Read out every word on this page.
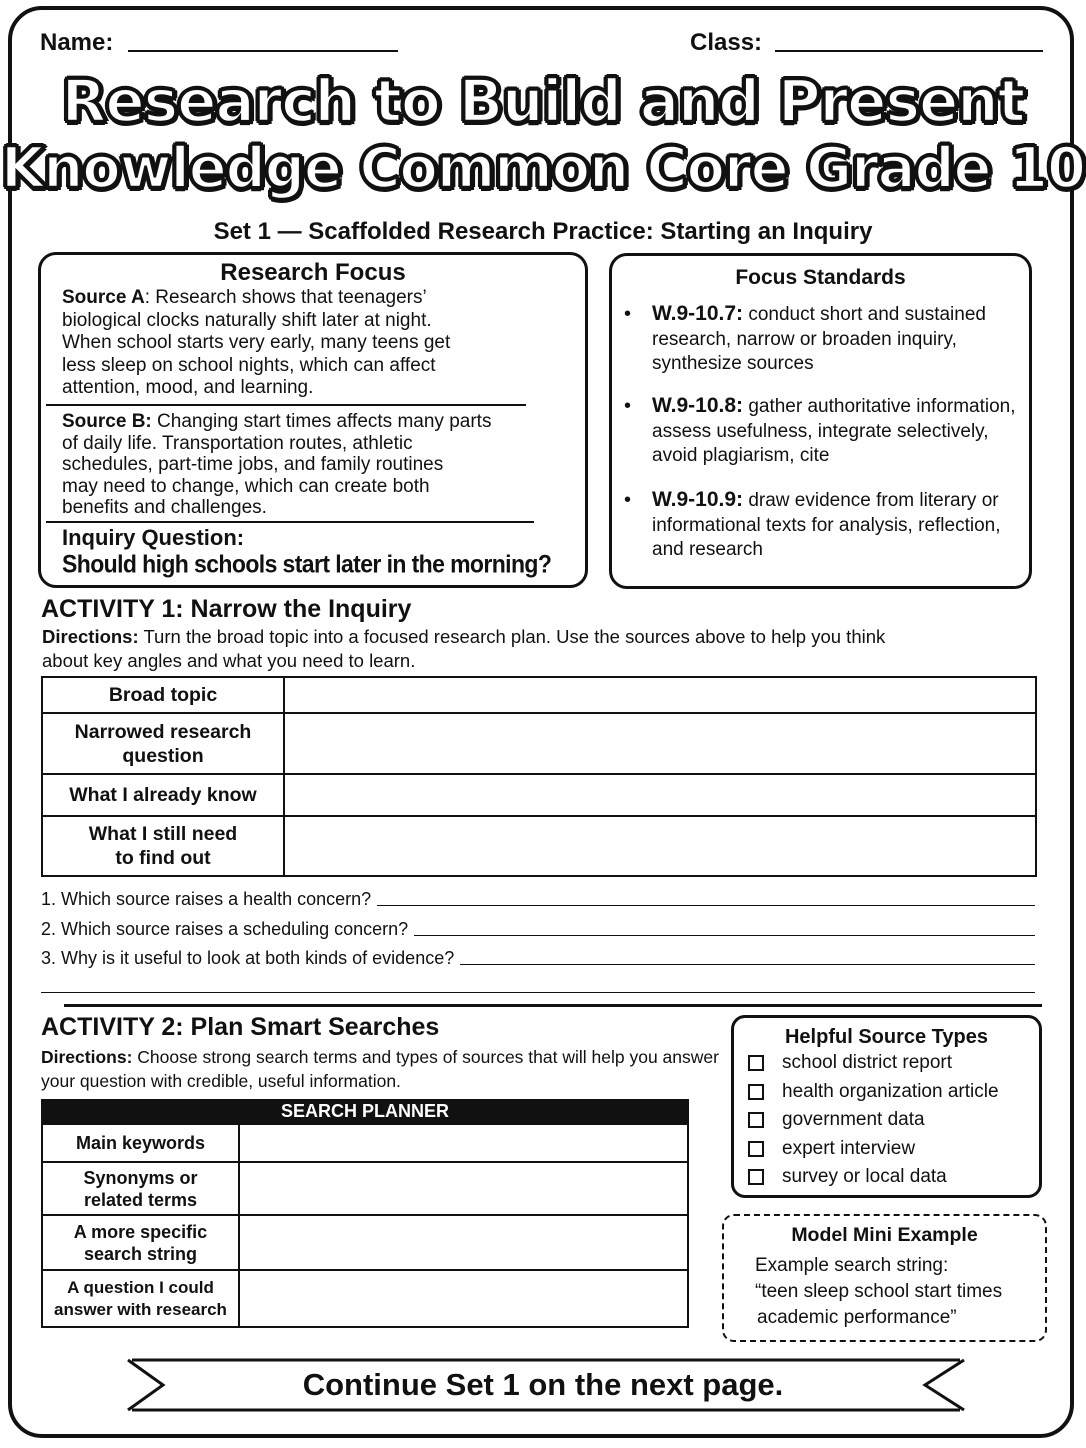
Name:	Class:
Research to Build and Present
Knowledge Common Core Grade 10
Set 1 — Scaffolded Research Practice: Starting an Inquiry
Research Focus
Source A: Research shows that teenagers’
biological clocks naturally shift later at night.
When school starts very early, many teens get
less sleep on school nights, which can affect
attention, mood, and learning.
Source B: Changing start times affects many parts
of daily life. Transportation routes, athletic
schedules, part-time jobs, and family routines
may need to change, which can create both
benefits and challenges.
Inquiry Question:
Should high schools start later in the morning?
Focus Standards
• W.9-10.7: conduct short and sustained
research, narrow or broaden inquiry,
synthesize sources
• W.9-10.8: gather authoritative information,
assess usefulness, integrate selectively,
avoid plagiarism, cite
• W.9-10.9: draw evidence from literary or
informational texts for analysis, reflection,
and research
ACTIVITY 1: Narrow the Inquiry
Directions: Turn the broad topic into a focused research plan. Use the sources above to help you think
about key angles and what you need to learn.
Broad topic	
Narrowed research question	
What I already know	
What I still need to find out	
1. Which source raises a health concern?
2. Which source raises a scheduling concern?
3. Why is it useful to look at both kinds of evidence?
ACTIVITY 2: Plan Smart Searches
Directions: Choose strong search terms and types of sources that will help you answer
your question with credible, useful information.
SEARCH PLANNER
Main keywords	
Synonyms or related terms	
A more specific search string	
A question I could answer with research	
Helpful Source Types
school district report
health organization article
government data
expert interview
survey or local data
Model Mini Example
Example search string:
“teen sleep school start times
academic performance”
Continue Set 1 on the next page.
